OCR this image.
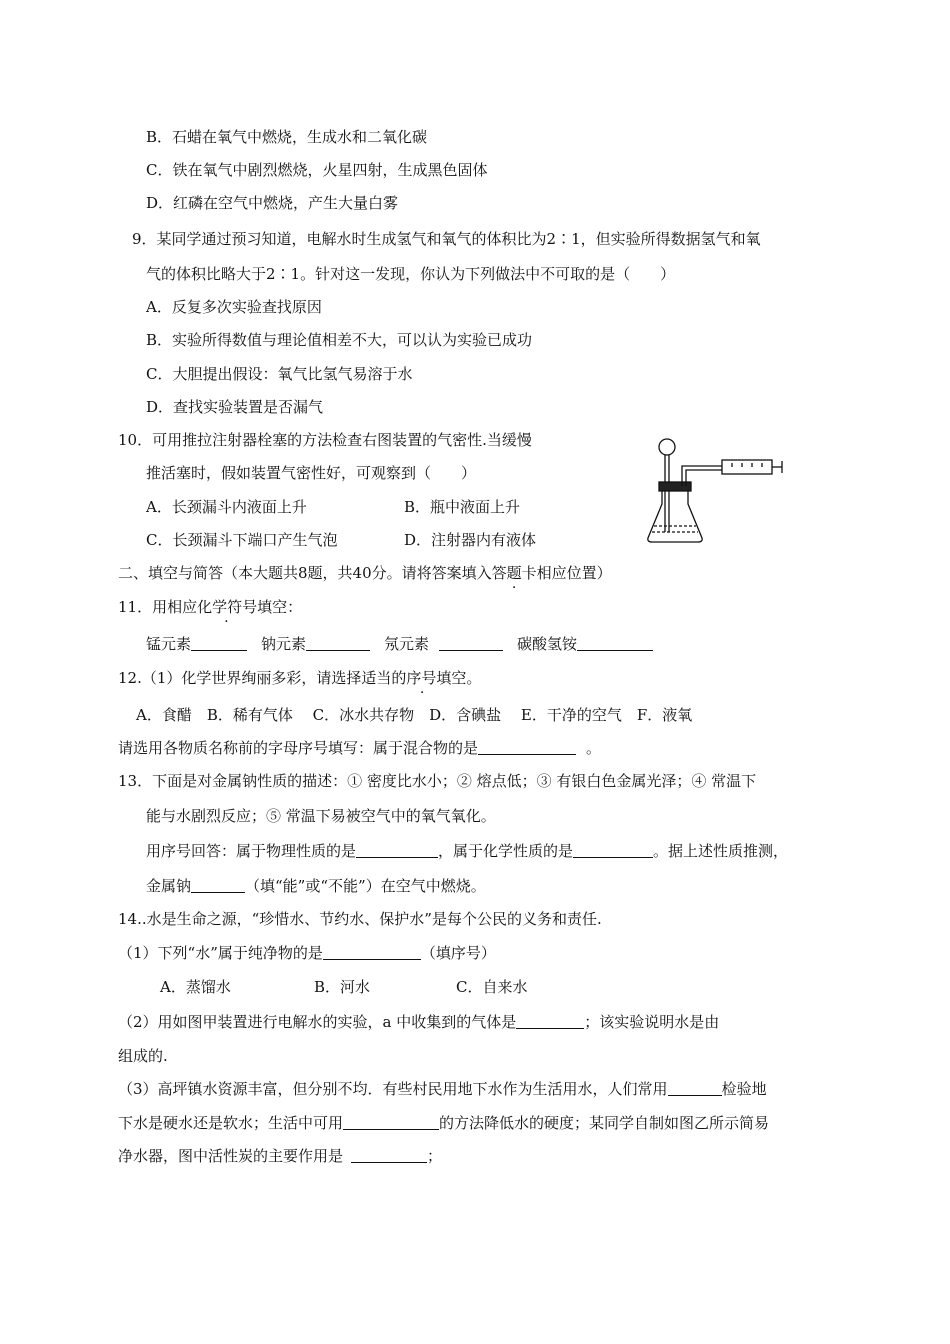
B．石蜡在氧气中燃烧，生成水和二氧化碳
C．铁在氧气中剧烈燃烧，火星四射，生成黑色固体
D．红磷在空气中燃烧，产生大量白雾
9．某同学通过预习知道，电解水时生成氢气和氧气的体积比为2∶1，但实验所得数据氢气和氧
气的体积比略大于2∶1。针对这一发现，你认为下列做法中不可取的是（　　）
A．反复多次实验查找原因
B．实验所得数值与理论值相差不大，可以认为实验已成功
C．大胆提出假设：氧气比氢气易溶于水
D．查找实验装置是否漏气
10．可用推拉注射器栓塞的方法检查右图装置的气密性.当缓慢
推活塞时，假如装置气密性好，可观察到（　　）
A．长颈漏斗内液面上升	B．瓶中液面上升
C．长颈漏斗下端口产生气泡	D．注射器内有液体
二、填空与简答（本大题共8题，共40分。请将答案填入答题卡相应位置）
11．用相应化学符号填空：
锰元素	钠元素	氖元素	碳酸氢铵
12.（1）化学世界绚丽多彩，请选择适当的序号填空。
A．食醋　B．稀有气体　 C．冰水共存物　D．含碘盐　 E．干净的空气　F．液氧
请选用各物质名称前的字母序号填写：属于混合物的是	。
13．下面是对金属钠性质的描述：① 密度比水小；② 熔点低；③ 有银白色金属光泽；④ 常温下
能与水剧烈反应；⑤ 常温下易被空气中的氧气氧化。
用序号回答：属于物理性质的是	，属于化学性质的是	。据上述性质推测，
金属钠	（填“能”或“不能”）在空气中燃烧。
14..水是生命之源，“珍惜水、节约水、保护水”是每个公民的义务和责任.
（1）下列“水”属于纯净物的是	（填序号）
A．蒸馏水	B．河水	C．自来水
（2）用如图甲装置进行电解水的实验，a 中收集到的气体是	；该实验说明水是由
组成的.
（3）高坪镇水资源丰富，但分别不均．有些村民用地下水作为生活用水，人们常用	检验地
下水是硬水还是软水；生活中可用	的方法降低水的硬度；某同学自制如图乙所示简易
净水器，图中活性炭的主要作用是	；
